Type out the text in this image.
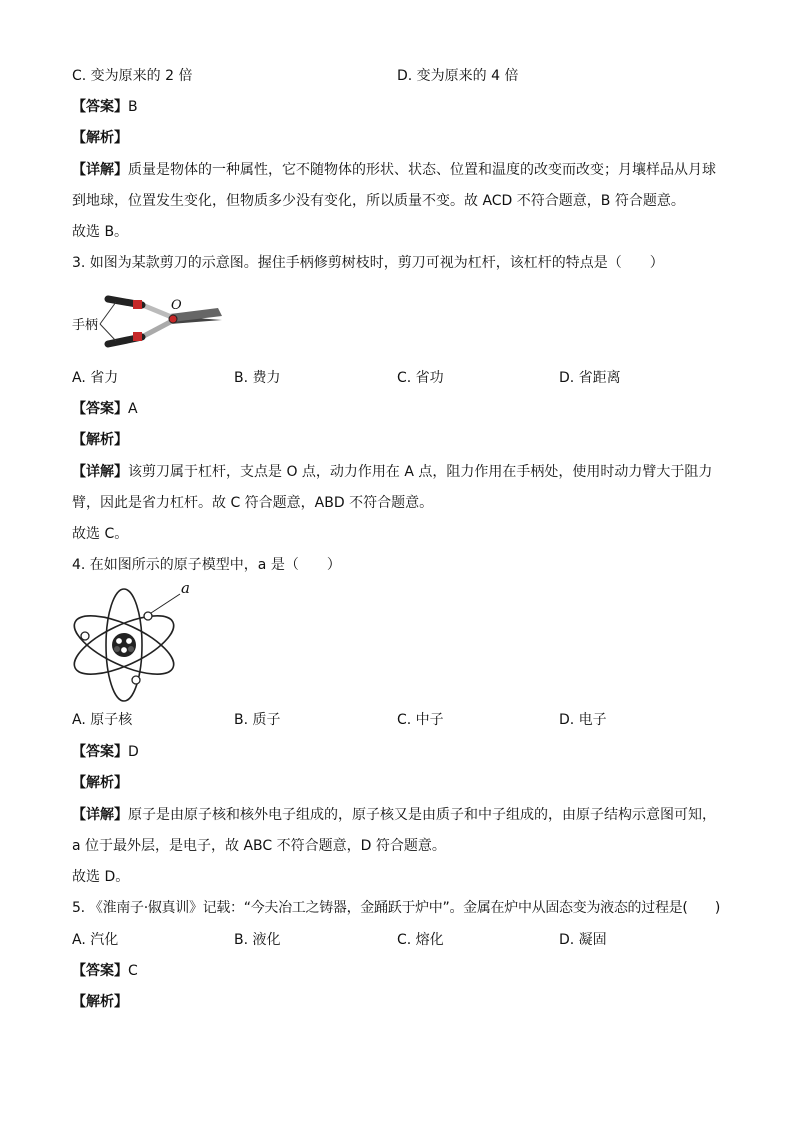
C. 变为原来的 2 倍	D. 变为原来的 4 倍
【答案】B
【解析】
【详解】质量是物体的一种属性，它不随物体的形状、状态、位置和温度的改变而改变；月壤样品从月球
到地球，位置发生变化，但物质多少没有变化，所以质量不变。故 ACD 不符合题意，B 符合题意。
故选 B。
3. 如图为某款剪刀的示意图。握住手柄修剪树枝时，剪刀可视为杠杆，该杠杆的特点是（　　）
O
手柄
A. 省力	B. 费力	C. 省功	D. 省距离
【答案】A
【解析】
【详解】该剪刀属于杠杆，支点是 O 点，动力作用在 A 点，阻力作用在手柄处，使用时动力臂大于阻力
臂，因此是省力杠杆。故 C 符合题意，ABD 不符合题意。
故选 C。
4. 在如图所示的原子模型中，a 是（　　）
a
A. 原子核	B. 质子	C. 中子	D. 电子
【答案】D
【解析】
【详解】原子是由原子核和核外电子组成的，原子核又是由质子和中子组成的，由原子结构示意图可知，
a 位于最外层，是电子，故 ABC 不符合题意，D 符合题意。
故选 D。
5. 《淮南子·俶真训》记载：“今夫冶工之铸器，金踊跃于炉中”。金属在炉中从固态变为液态的过程是(　　)
A. 汽化	B. 液化	C. 熔化	D. 凝固
【答案】C
【解析】
